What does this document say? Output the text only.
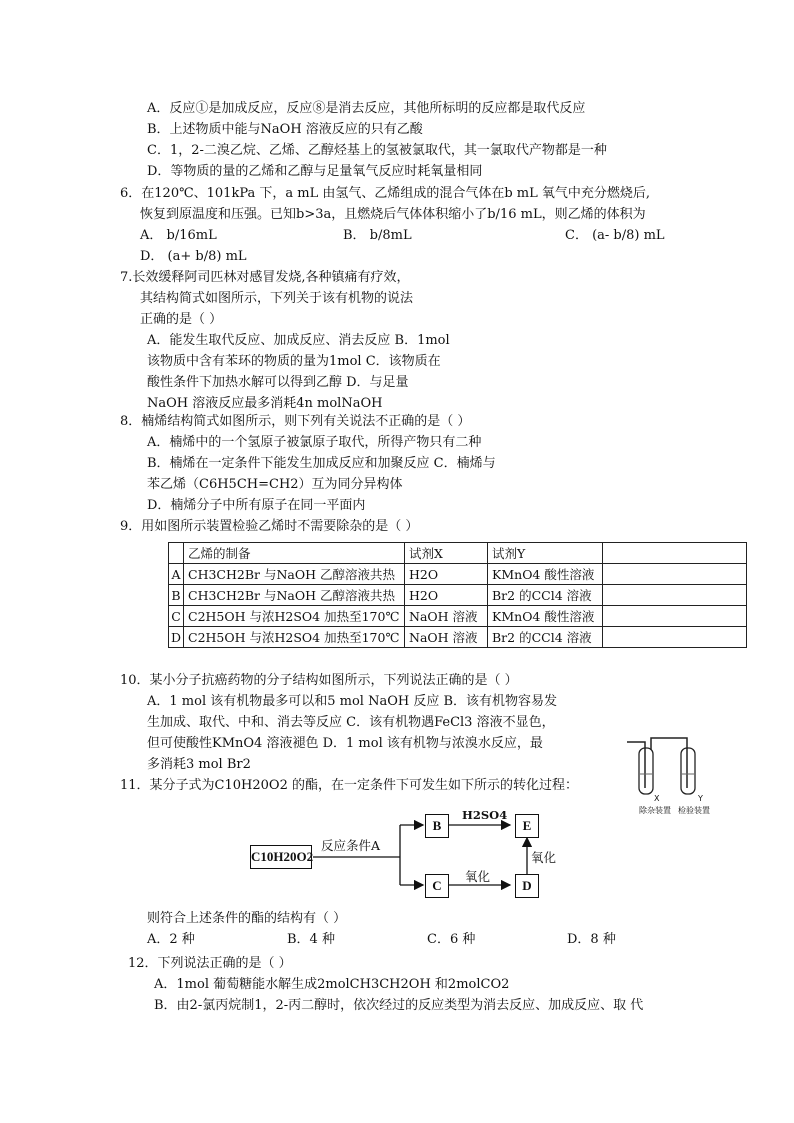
A．反应①是加成反应，反应⑧是消去反应，其他所标明的反应都是取代反应
B．上述物质中能与NaOH 溶液反应的只有乙酸
C．1，2-二溴乙烷、乙烯、乙醇烃基上的氢被氯取代，其一氯取代产物都是一种
D．等物质的量的乙烯和乙醇与足量氧气反应时耗氧量相同
6．在120℃、101kPa 下，a mL 由氢气、乙烯组成的混合气体在b mL 氧气中充分燃烧后,
恢复到原温度和压强。已知b>3a，且燃烧后气体体积缩小了b/16 mL，则乙烯的体积为
A． b/16mL	B． b/8mL	C． (a- b/8) mL
D． (a+ b/8) mL
7.长效缓释阿司匹林对感冒发烧,各种镇痛有疗效，
其结构简式如图所示，下列关于该有机物的说法
正确的是（ ）
A．能发生取代反应、加成反应、消去反应 B．1mol
该物质中含有苯环的物质的量为1mol C．该物质在
酸性条件下加热水解可以得到乙醇 D．与足量
NaOH 溶液反应最多消耗4n molNaOH
8．楠烯结构简式如图所示，则下列有关说法不正确的是（ ）
A．楠烯中的一个氢原子被氯原子取代，所得产物只有二种
B．楠烯在一定条件下能发生加成反应和加聚反应 C．楠烯与
苯乙烯（C6H5CH=CH2）互为同分异构体
D．楠烯分子中所有原子在同一平面内
9．用如图所示装置检验乙烯时不需要除杂的是（ ）
10．某小分子抗癌药物的分子结构如图所示，下列说法正确的是（ ）
A．1 mol 该有机物最多可以和5 mol NaOH 反应 B．该有机物容易发
生加成、取代、中和、消去等反应 C．该有机物遇FeCl3 溶液不显色，
但可使酸性KMnO4 溶液褪色 D．1 mol 该有机物与浓溴水反应，最
多消耗3 mol Br2
11．某分子式为C10H20O2 的酯，在一定条件下可发生如下所示的转化过程：
则符合上述条件的酯的结构有（ ）
A．2 种	B．4 种	C．6 种	D．8 种
12．下列说法正确的是（ ）
A．1mol 葡萄糖能水解生成2molCH3CH2OH 和2molCO2
B．由2-氯丙烷制1，2-丙二醇时，依次经过的反应类型为消去反应、加成反应、取 代
	乙烯的制备	试剂X	试剂Y	
A	CH3CH2Br 与NaOH 乙醇溶液共热	H2O	KMnO4 酸性溶液	
B	CH3CH2Br 与NaOH 乙醇溶液共热	H2O	Br2 的CCl4 溶液	
C	C2H5OH 与浓H2SO4 加热至170℃	NaOH 溶液	KMnO4 酸性溶液	
D	C2H5OH 与浓H2SO4 加热至170℃	NaOH 溶液	Br2 的CCl4 溶液	
X	Y
除杂装置 检验装置
C10H20O2
B
C
E
D
反应条件A
H2SO4
氧化
氧化
